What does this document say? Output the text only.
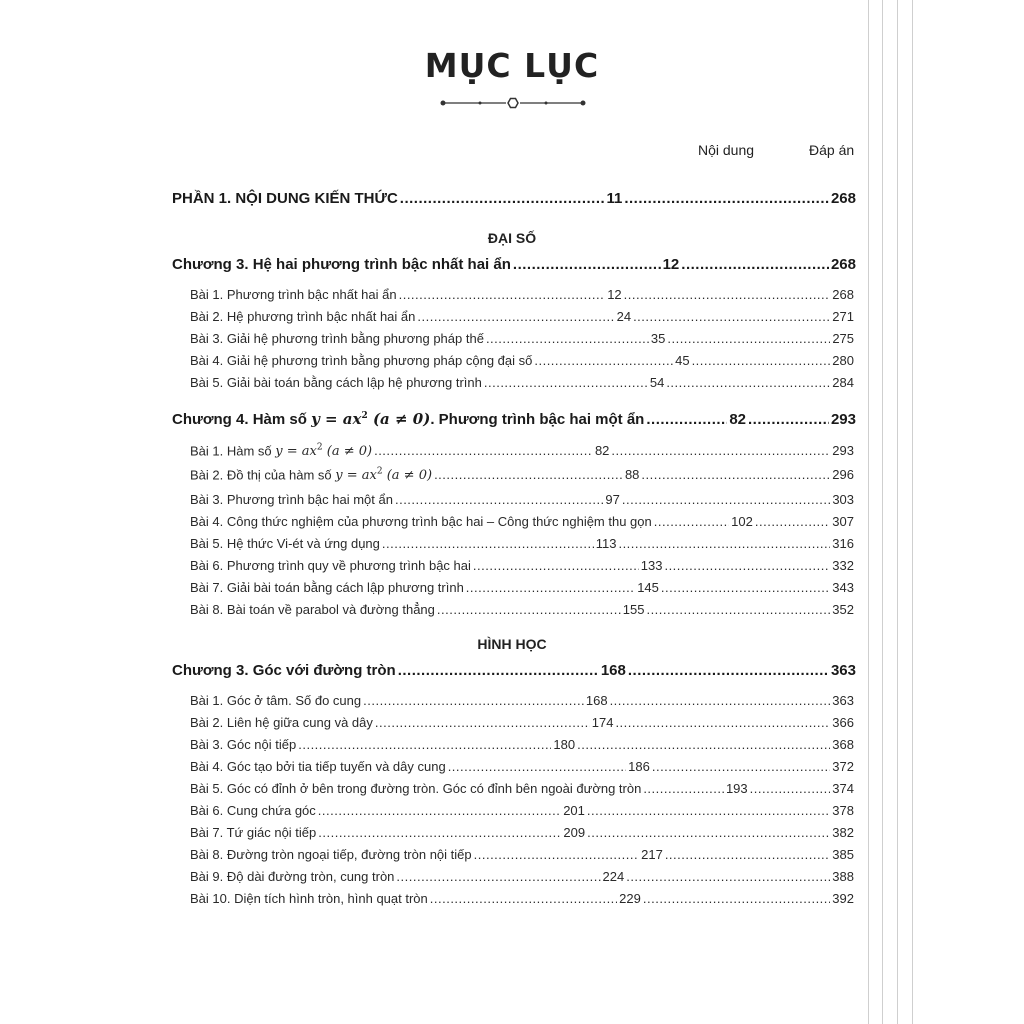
MỤC LỤC
Nội dung	Đáp án
PHẦN 1. NỘI DUNG KIẾN THỨC .....	11 .....	268
ĐẠI SỐ
Chương 3. Hệ hai phương trình bậc nhất hai ẩn .....	12 .....	268
Bài 1. Phương trình bậc nhất hai ẩn .....	12 .....	268
Bài 2. Hệ phương trình bậc nhất hai ẩn .....	24 .....	271
Bài 3. Giải hệ phương trình bằng phương pháp thế .....	35 .....	275
Bài 4. Giải hệ phương trình bằng phương pháp cộng đại số .....	45 .....	280
Bài 5. Giải bài toán bằng cách lập hệ phương trình .....	54 .....	284
Chương 4. Hàm số $y = ax^2$ (a ≠ 0). Phương trình bậc hai một ẩn .....	82 .....	293
Bài 1. Hàm số $y = ax^2$ (a ≠ 0) .....	82 .....	293
Bài 2. Đồ thị của hàm số $y = ax^2$ (a ≠ 0) .....	88 .....	296
Bài 3. Phương trình bậc hai một ẩn .....	97 .....	303
Bài 4. Công thức nghiệm của phương trình bậc hai – Công thức nghiệm thu gọn .....	102 .....	307
Bài 5. Hệ thức Vi-ét và ứng dụng .....	113 .....	316
Bài 6. Phương trình quy về phương trình bậc hai .....	133 .....	332
Bài 7. Giải bài toán bằng cách lập phương trình .....	145 .....	343
Bài 8. Bài toán về parabol và đường thẳng .....	155 .....	352
HÌNH HỌC
Chương 3. Góc với đường tròn .....	168 .....	363
Bài 1. Góc ở tâm. Số đo cung .....	168 .....	363
Bài 2. Liên hệ giữa cung và dây .....	174 .....	366
Bài 3. Góc nội tiếp .....	180 .....	368
Bài 4. Góc tạo bởi tia tiếp tuyến và dây cung .....	186 .....	372
Bài 5. Góc có đỉnh ở bên trong đường tròn. Góc có đỉnh bên ngoài đường tròn .....	193 .....	374
Bài 6. Cung chứa góc .....	201 .....	378
Bài 7. Tứ giác nội tiếp .....	209 .....	382
Bài 8. Đường tròn ngoại tiếp, đường tròn nội tiếp .....	217 .....	385
Bài 9. Độ dài đường tròn, cung tròn .....	224 .....	388
Bài 10. Diện tích hình tròn, hình quạt tròn .....	229 .....	392
